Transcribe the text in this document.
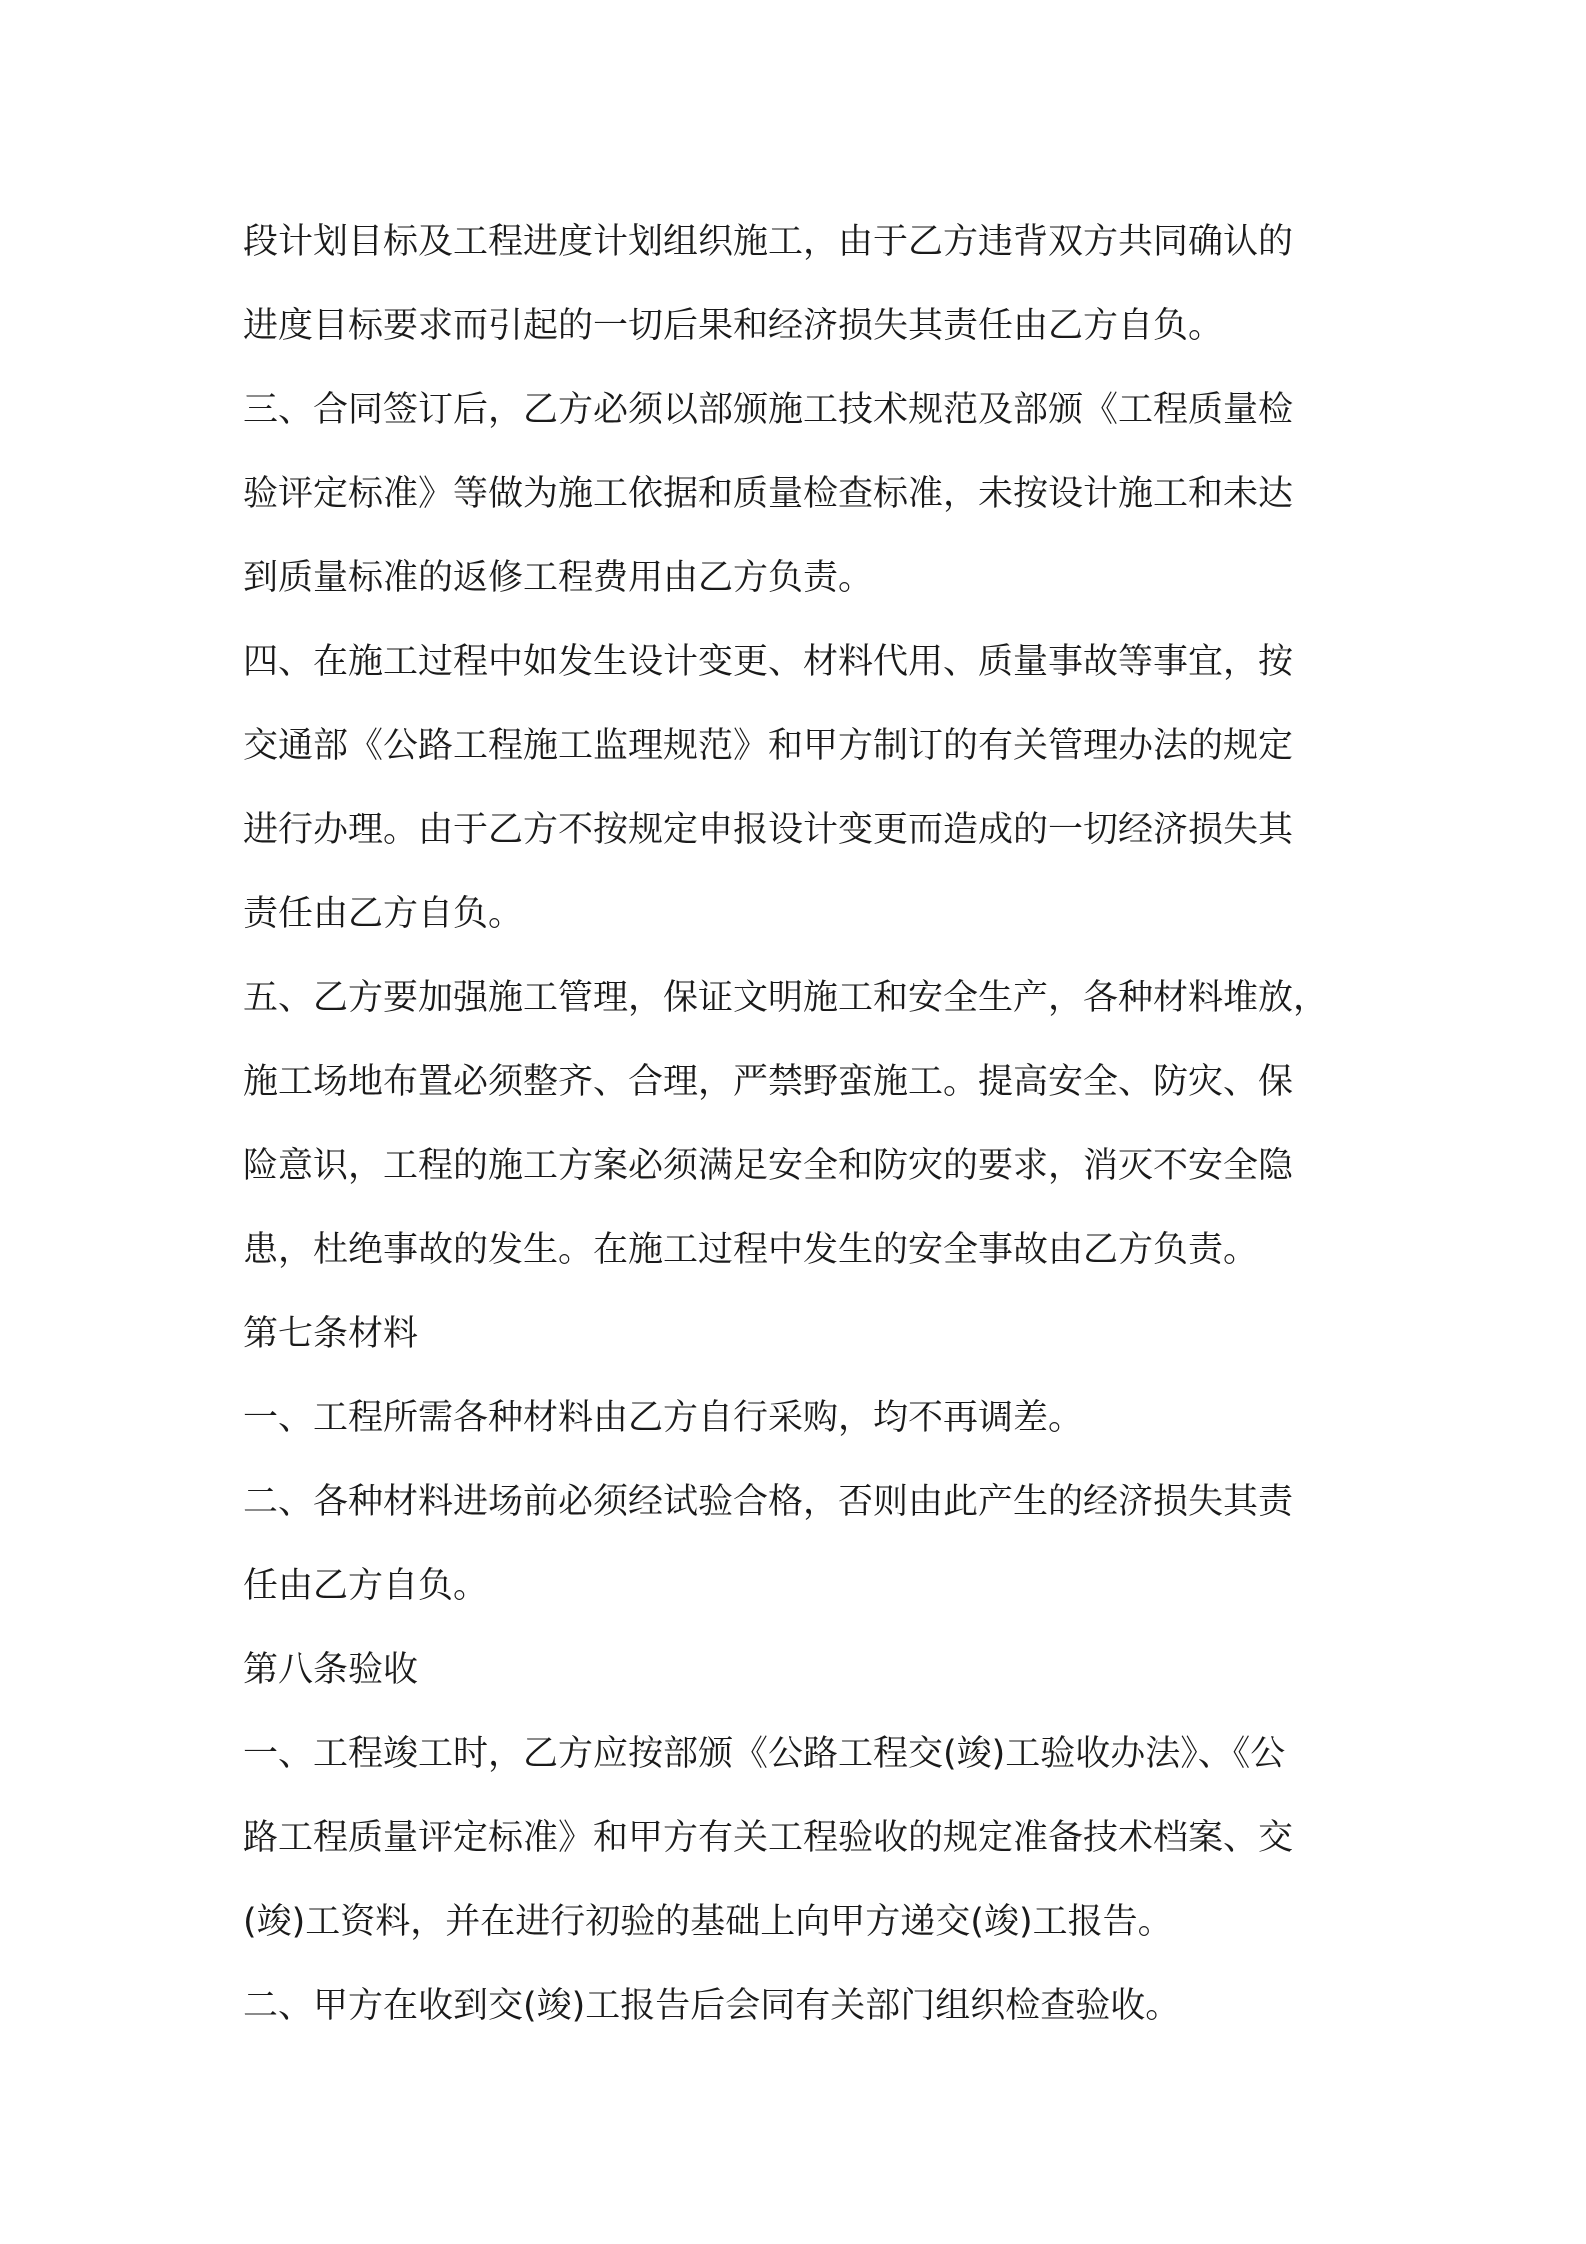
段计划目标及工程进度计划组织施工，由于乙方违背双方共同确认的
进度目标要求而引起的一切后果和经济损失其责任由乙方自负。
三、合同签订后，乙方必须以部颁施工技术规范及部颁《工程质量检
验评定标准》等做为施工依据和质量检查标准，未按设计施工和未达
到质量标准的返修工程费用由乙方负责。
四、在施工过程中如发生设计变更、材料代用、质量事故等事宜，按
交通部《公路工程施工监理规范》和甲方制订的有关管理办法的规定
进行办理。由于乙方不按规定申报设计变更而造成的一切经济损失其
责任由乙方自负。
五、乙方要加强施工管理，保证文明施工和安全生产，各种材料堆放，
施工场地布置必须整齐、合理，严禁野蛮施工。提高安全、防灾、保
险意识，工程的施工方案必须满足安全和防灾的要求，消灭不安全隐
患，杜绝事故的发生。在施工过程中发生的安全事故由乙方负责。
第七条材料
一、工程所需各种材料由乙方自行采购，均不再调差。
二、各种材料进场前必须经试验合格，否则由此产生的经济损失其责
任由乙方自负。
第八条验收
一、工程竣工时，乙方应按部颁《公路工程交(竣)工验收办法》、《公
路工程质量评定标准》和甲方有关工程验收的规定准备技术档案、交
(竣)工资料，并在进行初验的基础上向甲方递交(竣)工报告。
二、甲方在收到交(竣)工报告后会同有关部门组织检查验收。
